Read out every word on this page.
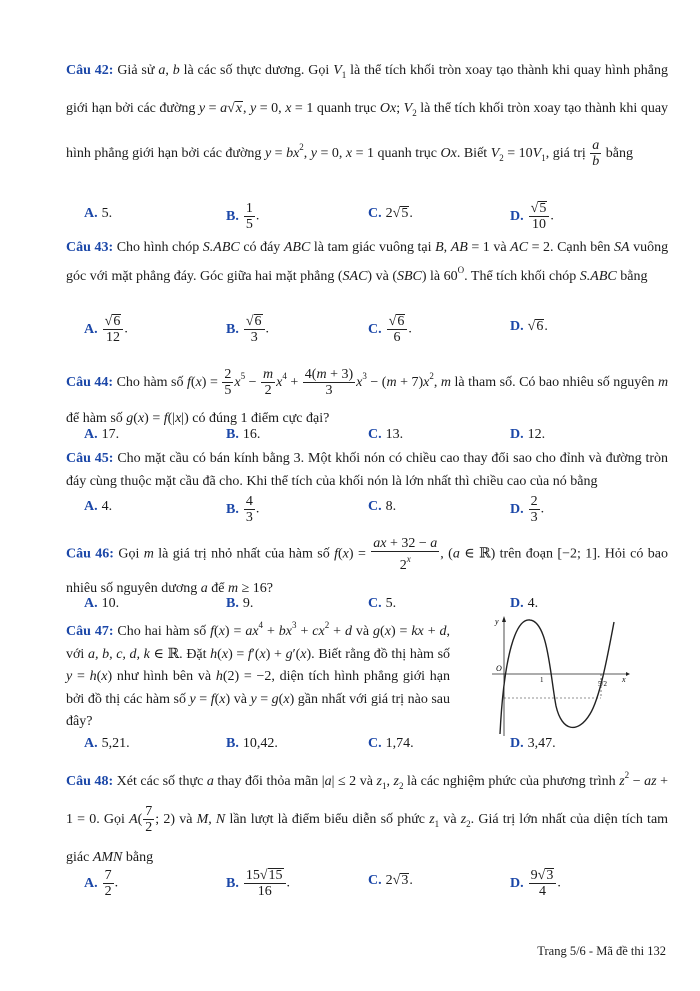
Câu 42: Giả sử a, b là các số thực dương. Gọi $V_1$ là thể tích khối tròn xoay tạo thành khi quay hình phẳng giới hạn bởi các đường y = a√x, y = 0, x = 1 quanh trục Ox; $V_2$ là thể tích khối tròn xoay tạo thành khi quay hình phẳng giới hạn bởi các đường $y = bx^2$, y = 0, x = 1 quanh trục Ox. Biết $V_2 = 10V_1$, giá trị $\frac{a}{b}$ bằng

A. 5.	B. $\frac{1}{5}$ .	C. 2√5.	D. $\frac{√5}{10}$ .

Câu 43: Cho hình chóp S.ABC có đáy ABC là tam giác vuông tại B, AB = 1 và AC = 2. Cạnh bên SA vuông góc với mặt phẳng đáy. Góc giữa hai mặt phẳng (SAC) và (SBC) là $60^O$. Thể tích khối chóp S.ABC bằng

A. $\frac{√6}{12}$ .	B. $\frac{√6}{3}$ .	C. $\frac{√6}{6}$ .	D. √6.

Câu 44: Cho hàm số $f(x) = \frac{2}{5} x^5 - \frac{m}{2} x^4 + \frac{4(m + 3)}{3} x^3 - (m + 7)x^2$, m là tham số. Có bao nhiêu số nguyên m để hàm số g(x) = f(|x|) có đúng 1 điểm cực đại?

A. 17.	B. 16.	C. 13.	D. 12.

Câu 45: Cho mặt cầu có bán kính bằng 3. Một khối nón có chiều cao thay đổi sao cho đỉnh và đường tròn đáy cùng thuộc mặt cầu đã cho. Khi thể tích của khối nón là lớn nhất thì chiều cao của nó bằng

A. 4.	B. $\frac{4}{3}$ .	C. 8.	D. $\frac{2}{3}$ .

Câu 46: Gọi m là giá trị nhỏ nhất của hàm số $f(x) = \frac{ax + 32 - a}{2^x}$ , (a ∈ ℝ) trên đoạn [−2; 1]. Hỏi có bao nhiêu số nguyên dương a để m ≥ 16?

A. 10.	B. 9.	C. 5.	D. 4.

Câu 47: Cho hai hàm số $f(x) = ax^4 + bx^3 + cx^2 + d$ và g(x) = kx + d, với a, b, c, d, k ∈ ℝ. Đặt h(x) = f′(x) + g′(x). Biết rằng đồ thị hàm số y = h(x) như hình bên và h(2) = −2, diện tích hình phẳng giới hạn bởi đồ thị các hàm số y = f(x) và y = g(x) gần nhất với giá trị nào sau đây?

y
x
O
1	5/2
A. 5,21.	B. 10,42.	C. 1,74.	D. 3,47.

Câu 48: Xét các số thực a thay đổi thỏa mãn |a| ≤ 2 và $z_1$, $z_2$ là các nghiệm phức của phương trình $z^2$ − az + 1 = 0. Gọi $A( \frac{7}{2}$ ; 2) và M, N lần lượt là điểm biểu diễn số phức $z_1$ và $z_2$. Giá trị lớn nhất của diện tích tam giác AMN bằng

A. $\frac{7}{2}$ .	B. $\frac{15√15}{16}$ .	C. 2√3.	D. $\frac{9√3}{4}$ .
Trang 5/6 - Mã đề thi 132
